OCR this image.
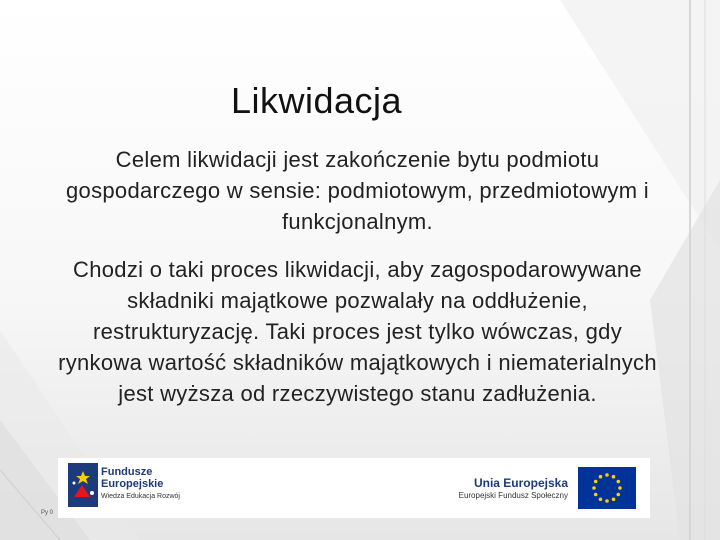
Likwidacja
Celem likwidacji jest zakończenie bytu podmiotu gospodarczego w sensie: podmiotowym, przedmiotowym i funkcjonalnym.
Chodzi o taki proces likwidacji, aby zagospodarowywane składniki majątkowe pozwalały na oddłużenie, restrukturyzację. Taki proces jest tylko wówczas, gdy rynkowa wartość składników majątkowych i niematerialnych jest wyższa od rzeczywistego stanu zadłużenia.
Fundusze
Europejskie
Wiedza Edukacja Rozwój
Unia Europejska
Europejski Fundusz Społeczny
Рy 0
